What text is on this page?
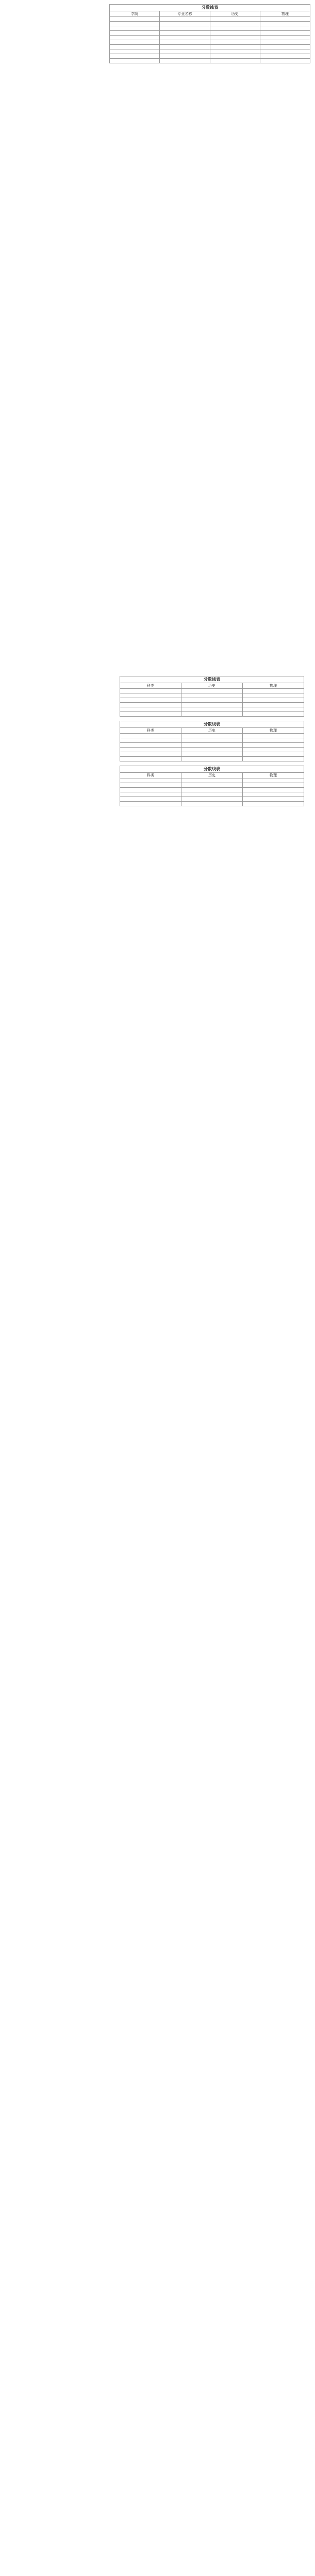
分数线表			
学院	专业名称	历史	物理

分数线表		
科类	历史	物理

分数线表		
科类	历史	物理

分数线表		
科类	历史	物理
